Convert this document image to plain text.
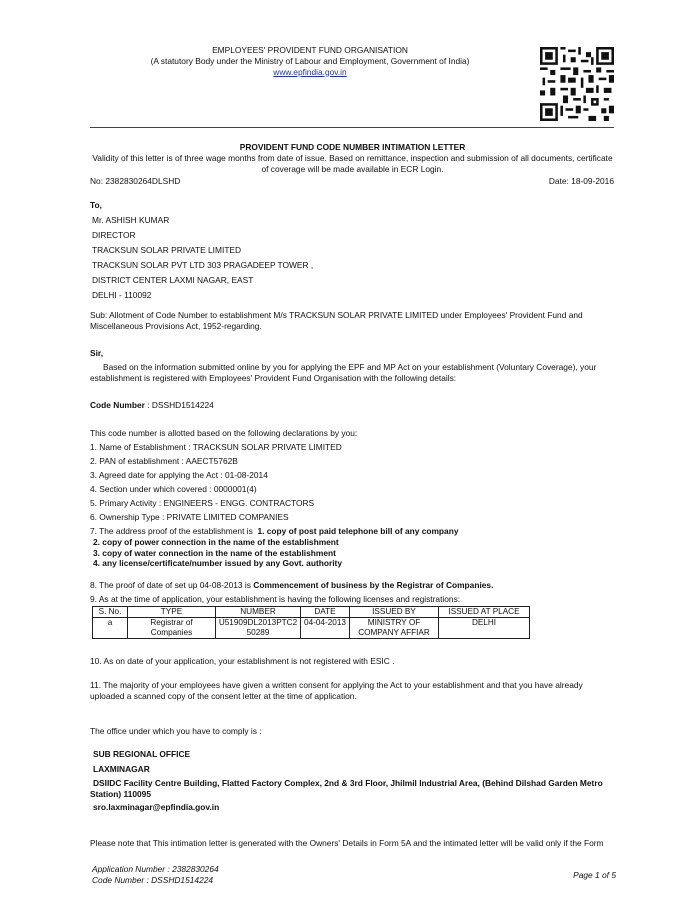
EMPLOYEES' PROVIDENT FUND ORGANISATION
(A statutory Body under the Ministry of Labour and Employment, Government of India)
www.epfindia.gov.in
PROVIDENT FUND CODE NUMBER INTIMATION LETTER
Validity of this letter is of three wage months from date of issue. Based on remittance, inspection and submission of all documents, certificate
of coverage will be made available in ECR Login.
No: 2382830264DLSHD	Date: 18-09-2016
To,
Mr. ASHISH KUMAR
DIRECTOR
TRACKSUN SOLAR PRIVATE LIMITED
TRACKSUN SOLAR PVT LTD 303 PRAGADEEP TOWER ,
DISTRICT CENTER LAXMI NAGAR, EAST
DELHI - 110092
Sub: Allotment of Code Number to establishment M/s TRACKSUN SOLAR PRIVATE LIMITED under Employees' Provident Fund and
Miscellaneous Provisions Act, 1952-regarding.
Sir,
Based on the information submitted online by you for applying the EPF and MP Act on your establishment (Voluntary Coverage), your
establishment is registered with Employees' Provident Fund Organisation with the following details:
Code Number : DSSHD1514224
This code number is allotted based on the following declarations by you:
1. Name of Establishment : TRACKSUN SOLAR PRIVATE LIMITED
2. PAN of establishment : AAECT5762B
3. Agreed date for applying the Act : 01-08-2014
4. Section under which covered : 0000001(4)
5. Primary Activity : ENGINEERS - ENGG. CONTRACTORS
6. Ownership Type : PRIVATE LIMITED COMPANIES
7. The address proof of the establishment is 1. copy of post paid telephone bill of any company
2. copy of power connection in the name of the establishment
3. copy of water connection in the name of the establishment
4. any license/certificate/number issued by any Govt. authority
8. The proof of date of set up 04-08-2013 is Commencement of business by the Registrar of Companies.
9. As at the time of application, your establishment is having the following licenses and registrations:
S. No.	TYPE	NUMBER	DATE	ISSUED BY	ISSUED AT PLACE
a	Registrar of Companies	U51909DL2013PTC2 50289	04-04-2013	MINISTRY OF COMPANY AFFIAR	DELHI
10. As on date of your application, your establishment is not registered with ESIC .
11. The majority of your employees have given a written consent for applying the Act to your establishment and that you have already
uploaded a scanned copy of the consent letter at the time of application.
The office under which you have to comply is :
SUB REGIONAL OFFICE
LAXMINAGAR
DSIIDC Facility Centre Building, Flatted Factory Complex, 2nd & 3rd Floor, Jhilmil Industrial Area, (Behind Dilshad Garden Metro
Station) 110095
sro.laxminagar@epfindia.gov.in
Please note that This intimation letter is generated with the Owners' Details in Form 5A and the intimated letter will be valid only if the Form
Application Number : 2382830264
Code Number : DSSHD1514224	Page 1 of 5
